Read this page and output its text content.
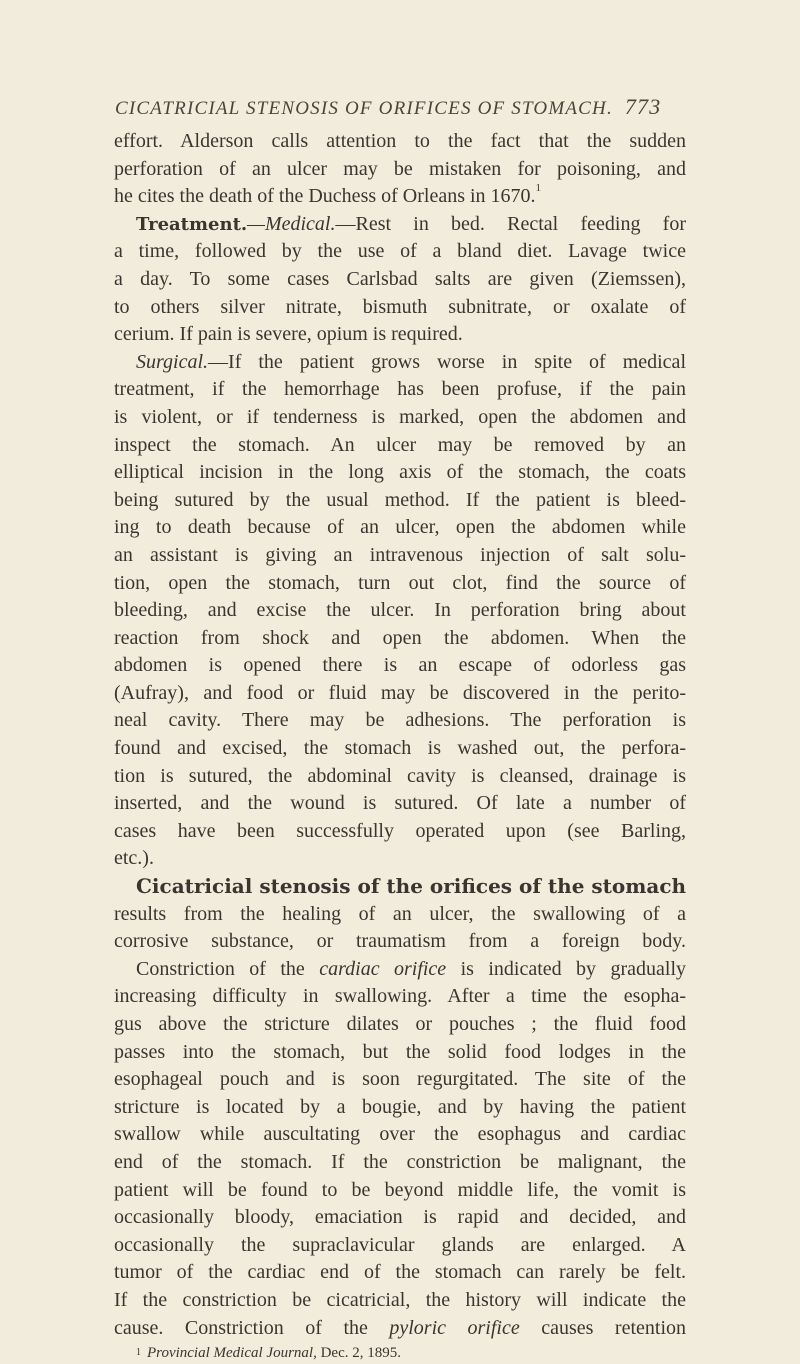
CICATRICIAL STENOSIS OF ORIFICES OF STOMACH. 773
effort. Alderson calls attention to the fact that the sudden
perforation of an ulcer may be mistaken for poisoning, and
he cites the death of the Duchess of Orleans in 1670.$^1$
Treatment.—Medical.—Rest in bed. Rectal feeding for
a time, followed by the use of a bland diet. Lavage twice
a day. To some cases Carlsbad salts are given (Ziemssen),
to others silver nitrate, bismuth subnitrate, or oxalate of
cerium. If pain is severe, opium is required.
Surgical.—If the patient grows worse in spite of medical
treatment, if the hemorrhage has been profuse, if the pain
is violent, or if tenderness is marked, open the abdomen and
inspect the stomach. An ulcer may be removed by an
elliptical incision in the long axis of the stomach, the coats
being sutured by the usual method. If the patient is bleed-
ing to death because of an ulcer, open the abdomen while
an assistant is giving an intravenous injection of salt solu-
tion, open the stomach, turn out clot, find the source of
bleeding, and excise the ulcer. In perforation bring about
reaction from shock and open the abdomen. When the
abdomen is opened there is an escape of odorless gas
(Aufray), and food or fluid may be discovered in the perito-
neal cavity. There may be adhesions. The perforation is
found and excised, the stomach is washed out, the perfora-
tion is sutured, the abdominal cavity is cleansed, drainage is
inserted, and the wound is sutured. Of late a number of
cases have been successfully operated upon (see Barling,
etc.).
Cicatricial stenosis of the orifices of the stomach
results from the healing of an ulcer, the swallowing of a
corrosive substance, or traumatism from a foreign body.
Constriction of the cardiac orifice is indicated by gradually
increasing difficulty in swallowing. After a time the esopha-
gus above the stricture dilates or pouches ; the fluid food
passes into the stomach, but the solid food lodges in the
esophageal pouch and is soon regurgitated. The site of the
stricture is located by a bougie, and by having the patient
swallow while auscultating over the esophagus and cardiac
end of the stomach. If the constriction be malignant, the
patient will be found to be beyond middle life, the vomit is
occasionally bloody, emaciation is rapid and decided, and
occasionally the supraclavicular glands are enlarged. A
tumor of the cardiac end of the stomach can rarely be felt.
If the constriction be cicatricial, the history will indicate the
cause. Constriction of the pyloric orifice causes retention
$^1$ Provincial Medical Journal, Dec. 2, 1895.
